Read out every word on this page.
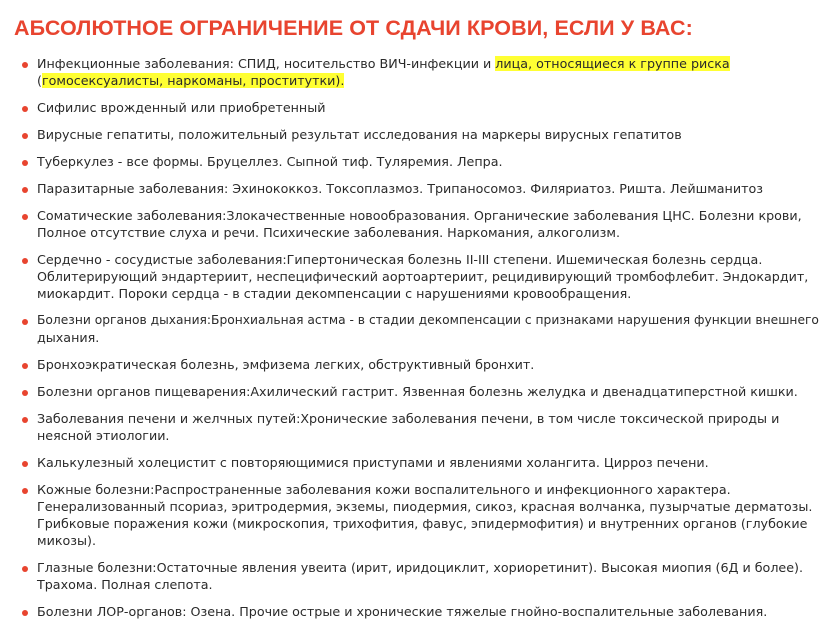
АБСОЛЮТНОЕ ОГРАНИЧЕНИЕ ОТ СДАЧИ КРОВИ, ЕСЛИ У ВАС:
Инфекционные заболевания: СПИД, носительство ВИЧ-инфекции и лица, относящиеся к группе риска
(гомосексуалисты, наркоманы, проститутки).
Сифилис врожденный или приобретенный
Вирусные гепатиты, положительный результат исследования на маркеры вирусных гепатитов
Туберкулез - все формы. Бруцеллез. Сыпной тиф. Туляремия. Лепра.
Паразитарные заболевания: Эхинококкоз. Токсоплазмоз. Трипаносомоз. Филяриатоз. Ришта. Лейшманитоз
Соматические заболевания:Злокачественные новообразования. Органические заболевания ЦНС. Болезни крови,
Полное отсутствие слуха и речи. Психические заболевания. Наркомания, алкоголизм.
Сердечно - сосудистые заболевания:Гипертоническая болезнь II-III степени. Ишемическая болезнь сердца.
Облитерирующий эндартериит, неспецифический аортоартериит, рецидивирующий тромбофлебит. Эндокардит,
миокардит. Пороки сердца - в стадии декомпенсации с нарушениями кровообращения.
Болезни органов дыхания:Бронхиальная астма - в стадии декомпенсации с признаками нарушения функции внешнего
дыхания.
Бронхоэкратическая болезнь, эмфизема легких, обструктивный бронхит.
Болезни органов пищеварения:Ахилический гастрит. Язвенная болезнь желудка и двенадцатиперстной кишки.
Заболевания печени и желчных путей:Хронические заболевания печени, в том числе токсической природы и
неясной этиологии.
Калькулезный холецистит с повторяющимися приступами и явлениями холангита. Цирроз печени.
Кожные болезни:Распространенные заболевания кожи воспалительного и инфекционного характера.
Генерализованный псориаз, эритродермия, экземы, пиодермия, сикоз, красная волчанка, пузырчатые дерматозы.
Грибковые поражения кожи (микроскопия, трихофития, фавус, эпидермофития) и внутренних органов (глубокие
микозы).
Глазные болезни:Остаточные явления увеита (ирит, иридоциклит, хориоретинит). Высокая миопия (6Д и более).
Трахома. Полная слепота.
Болезни ЛОР-органов: Озена. Прочие острые и хронические тяжелые гнойно-воспалительные заболевания.
